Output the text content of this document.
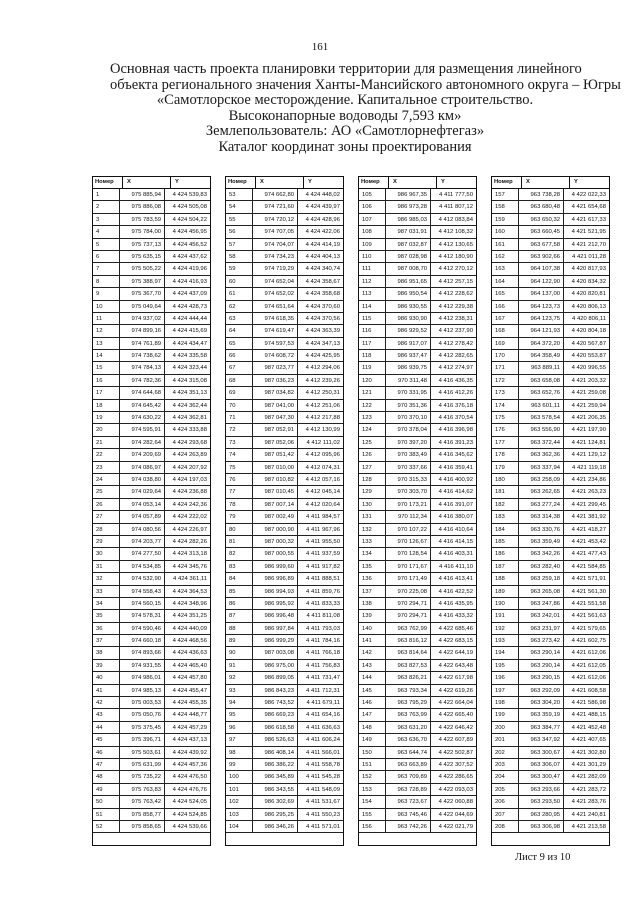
161
Основная часть проекта планировки территории для размещения линейного
объекта регионального значения Ханты-Мансийского автономного округа – Югры
«Самотлорское месторождение. Капитальное строительство.
Высоконапорные водоводы 7,593 км»
Землепользователь: АО «Самотлорнефтегаз»
Каталог координат зоны проектирования
Номер	X	Y
1	975 885,94	4 424 539,83
2	975 886,08	4 424 505,08
3	975 783,59	4 424 504,22
4	975 784,00	4 424 456,95
5	975 737,13	4 424 456,52
6	975 635,15	4 424 437,62
7	975 505,22	4 424 419,96
8	975 388,97	4 424 416,93
9	975 367,70	4 424 437,09
10	975 049,64	4 424 428,73
11	974 937,02	4 424 444,44
12	974 899,16	4 424 415,69
13	974 761,89	4 424 434,47
14	974 738,62	4 424 335,58
15	974 784,13	4 424 323,44
16	974 782,36	4 424 315,08
17	974 644,68	4 424 351,13
18	974 645,42	4 424 362,44
19	974 630,22	4 424 362,81
20	974 595,91	4 424 333,88
21	974 282,64	4 424 293,68
22	974 209,69	4 424 263,89
23	974 086,97	4 424 207,92
24	974 038,80	4 424 197,03
25	974 029,64	4 424 236,88
26	974 053,14	4 424 242,36
27	974 057,89	4 424 222,02
28	974 080,56	4 424 226,97
29	974 203,77	4 424 282,26
30	974 277,50	4 424 313,18
31	974 534,85	4 424 345,76
32	974 532,90	4 424 361,11
33	974 558,43	4 424 364,53
34	974 560,15	4 424 348,96
35	974 578,31	4 424 351,25
36	974 590,46	4 424 440,09
37	974 660,18	4 424 468,56
38	974 893,66	4 424 436,63
39	974 931,55	4 424 465,40
40	974 986,01	4 424 457,80
41	974 985,13	4 424 455,47
42	975 003,53	4 424 455,35
43	975 050,76	4 424 448,77
44	975 375,45	4 424 457,29
45	975 396,71	4 424 437,13
46	975 503,61	4 424 439,92
47	975 631,99	4 424 457,36
48	975 735,22	4 424 476,50
49	975 763,83	4 424 476,76
50	975 763,42	4 424 524,05
51	975 858,77	4 424 524,85
52	975 858,65	4 424 539,66
Номер	X	Y
53	974 662,80	4 424 448,02
54	974 721,60	4 424 439,97
55	974 720,12	4 424 428,96
56	974 707,05	4 424 422,06
57	974 704,07	4 424 414,19
58	974 734,23	4 424 404,13
59	974 719,29	4 424 340,74
60	974 652,04	4 424 358,67
61	974 652,02	4 424 358,68
62	974 651,64	4 424 370,60
63	974 618,35	4 424 370,56
64	974 619,47	4 424 363,39
65	974 597,53	4 424 347,13
66	974 608,72	4 424 425,95
67	987 023,77	4 412 294,06
68	987 036,23	4 412 239,26
69	987 034,82	4 412 250,31
70	987 041,00	4 412 251,06
71	987 047,30	4 412 217,88
72	987 052,91	4 412 130,99
73	987 052,06	4 412 111,02
74	987 051,42	4 412 095,96
75	987 010,00	4 412 074,31
76	987 010,82	4 412 057,16
77	987 010,45	4 412 045,14
78	987 007,14	4 412 020,64
79	987 002,49	4 411 984,57
80	987 000,90	4 411 967,96
81	987 000,32	4 411 955,50
82	987 000,55	4 411 937,59
83	986 999,60	4 411 917,82
84	986 996,89	4 411 888,51
85	986 994,93	4 411 859,76
86	986 995,92	4 411 833,33
87	986 996,48	4 411 811,08
88	986 997,84	4 411 793,03
89	986 999,29	4 411 784,16
90	987 003,08	4 411 766,18
91	986 975,00	4 411 756,83
92	986 899,05	4 411 731,47
93	986 843,23	4 411 712,31
94	986 743,52	4 411 679,11
95	986 669,23	4 411 654,16
96	986 618,58	4 411 636,63
97	986 526,63	4 411 606,24
98	986 408,14	4 411 566,01
99	986 386,22	4 411 558,78
100	986 345,89	4 411 545,28
101	986 343,55	4 411 548,09
102	986 302,69	4 411 531,67
103	986 295,25	4 411 550,23
104	986 346,26	4 411 571,01
Номер	X	Y
105	986 967,35	4 411 777,50
106	986 973,28	4 411 807,12
107	986 985,03	4 412 083,84
108	987 031,91	4 412 108,32
109	987 032,87	4 412 130,65
110	987 028,98	4 412 180,90
111	987 008,70	4 412 270,12
112	986 951,65	4 412 257,15
113	986 950,54	4 412 228,62
114	986 930,55	4 412 229,38
115	986 930,90	4 412 238,31
116	986 929,52	4 412 237,90
117	986 917,07	4 412 278,42
118	986 937,47	4 412 282,65
119	986 939,75	4 412 274,97
120	970 311,48	4 416 436,35
121	970 331,95	4 416 412,26
122	970 351,36	4 416 376,18
123	970 370,10	4 416 370,54
124	970 378,04	4 416 396,98
125	970 397,20	4 416 391,23
126	970 383,49	4 416 345,62
127	970 337,66	4 416 359,41
128	970 315,33	4 416 400,92
129	970 303,70	4 416 414,62
130	970 173,21	4 416 391,07
131	970 112,34	4 416 380,07
132	970 107,22	4 416 410,64
133	970 126,67	4 416 414,15
134	970 128,54	4 416 403,31
135	970 171,67	4 416 411,10
136	970 171,49	4 416 413,41
137	970 225,08	4 416 422,52
138	970 294,71	4 416 435,95
139	970 294,71	4 416 433,32
140	963 762,99	4 422 685,46
141	963 816,12	4 422 683,15
142	963 814,64	4 422 644,19
143	963 827,53	4 422 643,48
144	963 826,21	4 422 617,98
145	963 793,34	4 422 619,26
146	963 795,29	4 422 664,04
147	963 763,99	4 422 665,40
148	963 631,20	4 422 646,42
149	963 636,70	4 422 607,89
150	963 644,74	4 422 502,87
151	963 663,89	4 422 307,52
152	963 709,89	4 422 286,65
153	963 728,89	4 422 093,03
154	963 723,67	4 422 060,88
155	963 745,46	4 422 044,69
156	963 742,26	4 422 021,79
Номер	X	Y
157	963 738,28	4 422 022,33
158	963 680,48	4 421 654,68
159	963 650,32	4 421 617,33
160	963 660,45	4 421 521,95
161	963 677,58	4 421 212,70
162	963 902,66	4 421 011,28
163	964 107,38	4 420 817,93
164	964 122,90	4 420 834,32
165	964 137,00	4 420 820,81
166	964 123,73	4 420 806,13
167	964 123,75	4 420 806,11
168	964 121,93	4 420 804,18
169	964 372,20	4 420 567,87
170	964 358,49	4 420 553,87
171	963 889,11	4 420 996,55
172	963 658,08	4 421 203,32
173	963 652,76	4 421 259,08
174	963 601,11	4 421 259,94
175	963 578,54	4 421 206,35
176	963 556,90	4 421 197,90
177	963 372,44	4 421 124,81
178	963 362,36	4 421 129,12
179	963 337,94	4 421 119,18
180	963 258,09	4 421 234,86
181	963 262,65	4 421 263,23
182	963 277,24	4 421 299,45
183	963 314,38	4 421 381,92
184	963 330,76	4 421 418,27
185	963 359,49	4 421 453,42
186	963 342,26	4 421 477,43
187	963 282,40	4 421 584,85
188	963 259,18	4 421 571,91
189	963 265,08	4 421 561,30
190	963 247,86	4 421 551,58
191	963 242,01	4 421 561,63
192	963 231,97	4 421 579,65
193	963 273,42	4 421 602,75
194	963 290,14	4 421 612,06
195	963 290,14	4 421 612,05
196	963 290,15	4 421 612,06
197	963 292,09	4 421 608,58
198	963 304,20	4 421 586,98
199	963 359,19	4 421 488,15
200	963 384,77	4 421 452,48
201	963 347,92	4 421 407,65
202	963 300,67	4 421 302,80
203	963 306,07	4 421 301,29
204	963 300,47	4 421 282,09
205	963 293,66	4 421 283,72
206	963 293,50	4 421 283,76
207	963 280,95	4 421 240,81
208	963 306,98	4 421 213,58
Лист 9 из 10
